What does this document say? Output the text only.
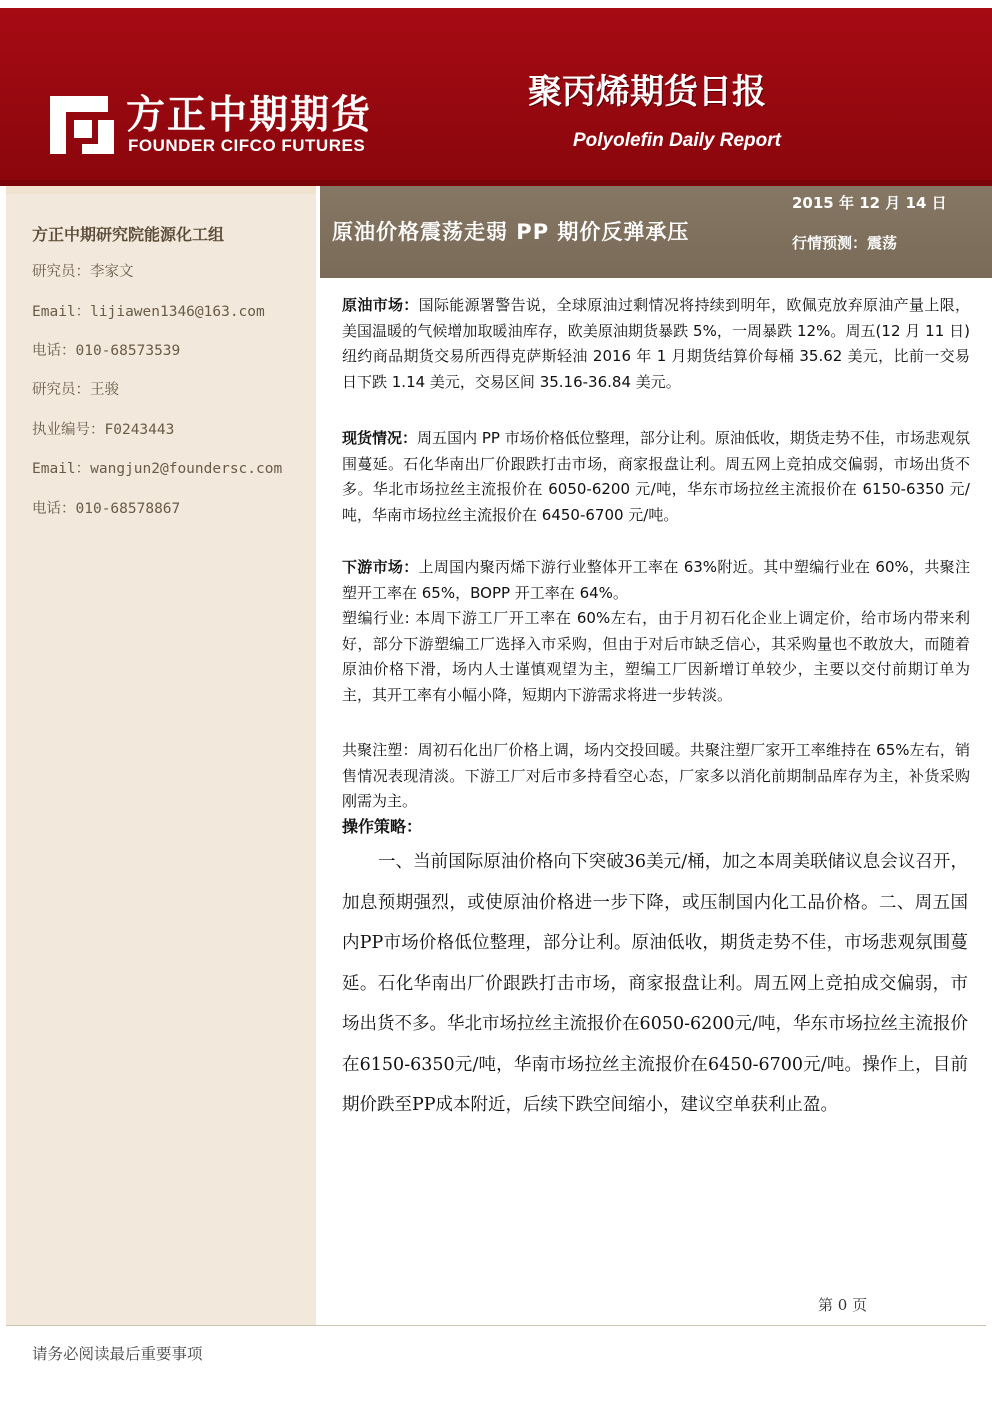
方正中期期货
FOUNDER CIFCO FUTURES
聚丙烯期货日报
Polyolefin Daily Report
方正中期研究院能源化工组
研究员：李家文
Email：lijiawen1346@163.com
电话：010-68573539
研究员：王骏
执业编号：F0243443
Email：wangjun2@foundersc.com
电话：010-68578867
原油价格震荡走弱 PP 期价反弹承压
2015 年 12 月 14 日
行情预测：震荡
原油市场：国际能源署警告说，全球原油过剩情况将持续到明年，欧佩克放弃原油产量上限，美国温暖的气候增加取暖油库存，欧美原油期货暴跌 5%，一周暴跌 12%。周五(12 月 11 日)纽约商品期货交易所西得克萨斯轻油 2016 年 1 月期货结算价每桶 35.62 美元，比前一交易日下跌 1.14 美元，交易区间 35.16-36.84 美元。
现货情况：周五国内 PP 市场价格低位整理，部分让利。原油低收，期货走势不佳，市场悲观氛围蔓延。石化华南出厂价跟跌打击市场，商家报盘让利。周五网上竞拍成交偏弱，市场出货不多。华北市场拉丝主流报价在 6050-6200 元/吨，华东市场拉丝主流报价在 6150-6350 元/吨，华南市场拉丝主流报价在 6450-6700 元/吨。
下游市场：上周国内聚丙烯下游行业整体开工率在 63%附近。其中塑编行业在 60%，共聚注塑开工率在 65%，BOPP 开工率在 64%。
塑编行业: 本周下游工厂开工率在 60%左右，由于月初石化企业上调定价，给市场内带来利好，部分下游塑编工厂选择入市采购，但由于对后市缺乏信心，其采购量也不敢放大，而随着原油价格下滑，场内人士谨慎观望为主，塑编工厂因新增订单较少，主要以交付前期订单为主，其开工率有小幅小降，短期内下游需求将进一步转淡。
共聚注塑：周初石化出厂价格上调，场内交投回暖。共聚注塑厂家开工率维持在 65%左右，销售情况表现清淡。下游工厂对后市多持看空心态，厂家多以消化前期制品库存为主，补货采购刚需为主。
操作策略：
一、当前国际原油价格向下突破36美元/桶，加之本周美联储议息会议召开，加息预期强烈，或使原油价格进一步下降，或压制国内化工品价格。二、周五国内PP市场价格低位整理，部分让利。原油低收，期货走势不佳，市场悲观氛围蔓延。石化华南出厂价跟跌打击市场，商家报盘让利。周五网上竞拍成交偏弱，市场出货不多。华北市场拉丝主流报价在6050-6200元/吨，华东市场拉丝主流报价在6150-6350元/吨，华南市场拉丝主流报价在6450-6700元/吨。操作上，目前期价跌至PP成本附近，后续下跌空间缩小，建议空单获利止盈。
第 0 页
请务必阅读最后重要事项
